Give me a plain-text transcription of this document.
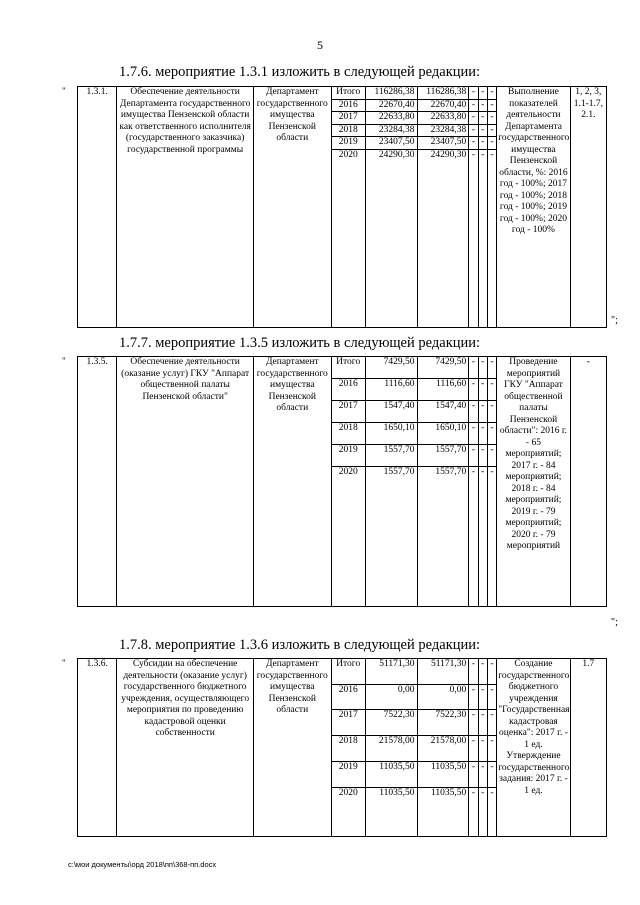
5
1.7.6. мероприятие 1.3.1 изложить в следующей редакции:
" 1.3.1.	Обеспечение деятельности Департамента государственного имущества Пензенской области как ответственного исполнителя (государственного заказчика) государственной программы	Департамент государственного имущества Пензенской области	Итого	116286,38	116286,38	-	-	-	Выполнение показателей деятельности Департамента государственного имущества Пензенской области, %: 2016 год - 100%; 2017 год - 100%; 2018 год - 100%; 2019 год - 100%; 2020 год - 100%	1, 2, 3, 1.1-1.7, 2.1.
			2016	22670,40	22670,40	-	-	-		
			2017	22633,80	22633,80	-	-	-		
			2018	23284,38	23284,38	-	-	-		
			2019	23407,50	23407,50	-	-	-		
			2020	24290,30	24290,30	-	-	-		
";
1.7.7. мероприятие 1.3.5 изложить в следующей редакции:
" 1.3.5.	Обеспечение деятельности (оказание услуг) ГКУ "Аппарат общественной палаты Пензенской области"	Департамент государственного имущества Пензенской области	Итого	7429,50	7429,50	-	-	-	Проведение мероприятий ГКУ "Аппарат общественной палаты Пензенской области": 2016 г. - 65 мероприятий; 2017 г. - 84 мероприятий; 2018 г. - 84 мероприятий; 2019 г. - 79 мероприятий; 2020 г. - 79 мероприятий	-
			2016	1116,60	1116,60	-	-	-		
			2017	1547,40	1547,40	-	-	-		
			2018	1650,10	1650,10	-	-	-		
			2019	1557,70	1557,70	-	-	-		
			2020	1557,70	1557,70	-	-	-		
";
1.7.8. мероприятие 1.3.6 изложить в следующей редакции:
" 1.3.6.	Субсидии на обеспечение деятельности (оказание услуг) государственного бюджетного учреждения, осуществляющего мероприятия по проведению кадастровой оценки собственности	Департамент государственного имущества Пензенской области	Итого	51171,30	51171,30	-	-	-	Создание государственного бюджетного учреждения "Государственная кадастровая оценка": 2017 г. - 1 ед. Утверждение государственного задания: 2017 г. - 1 ед.	1.7
			2016	0,00	0,00	-	-	-		
			2017	7522,30	7522,30	-	-	-		
			2018	21578,00	21578,00	-	-	-		
			2019	11035,50	11035,50	-	-	-		
			2020	11035,50	11035,50	-	-	-		
c:\мои документы\орд 2018\пп\368-пп.docx
